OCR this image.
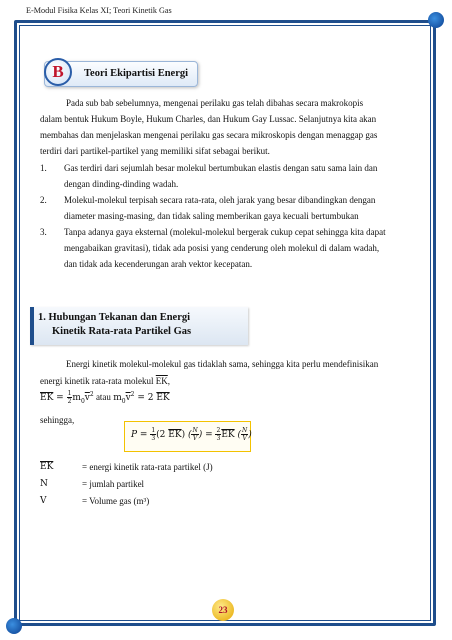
E-Modul Fisika Kelas XI; Teori Kinetik Gas
B	Teori Ekipartisi Energi
Pada sub bab sebelumnya, mengenai perilaku gas telah dibahas secara makrokopis
dalam bentuk Hukum Boyle, Hukum Charles, dan Hukum Gay Lussac. Selanjutnya kita akan
membahas dan menjelaskan mengenai perilaku gas secara mikroskopis dengan menaggap gas
terdiri dari partikel-partikel yang memiliki sifat sebagai berikut.
1. Gas terdiri dari sejumlah besar molekul bertumbukan elastis dengan satu sama lain dan
dengan dinding-dinding wadah.
2. Molekul-molekul terpisah secara rata-rata, oleh jarak yang besar dibandingkan dengan
diameter masing-masing, dan tidak saling memberikan gaya kecuali bertumbukan
3. Tanpa adanya gaya eksternal (molekul-molekul bergerak cukup cepat sehingga kita dapat
mengabaikan gravitasi), tidak ada posisi yang cenderung oleh molekul di dalam wadah,
dan tidak ada kecenderungan arah vektor kecepatan.
1. Hubungan Tekanan dan Energi
Kinetik Rata-rata Partikel Gas
Energi kinetik molekul-molekul gas tidaklah sama, sehingga kita perlu mendefinisikan
energi kinetik rata-rata molekul $\overline{EK}$,
$\overline{EK} = \frac{1}{2}m_0\overline{v}^2$ atau $m_0\overline{v}^2 = 2$ $\overline{EK}$
sehingga,
$P = \frac{1}{3}(2$ $\overline{EK}$) ( $\frac{N}{V}) = \frac{2}{3}\overline{EK}$ ( $\frac{N}{V}$)
$\overline{EK}$	= energi kinetik rata-rata partikel (J)
N	= jumlah partikel
V	= Volume gas (m³)
23
